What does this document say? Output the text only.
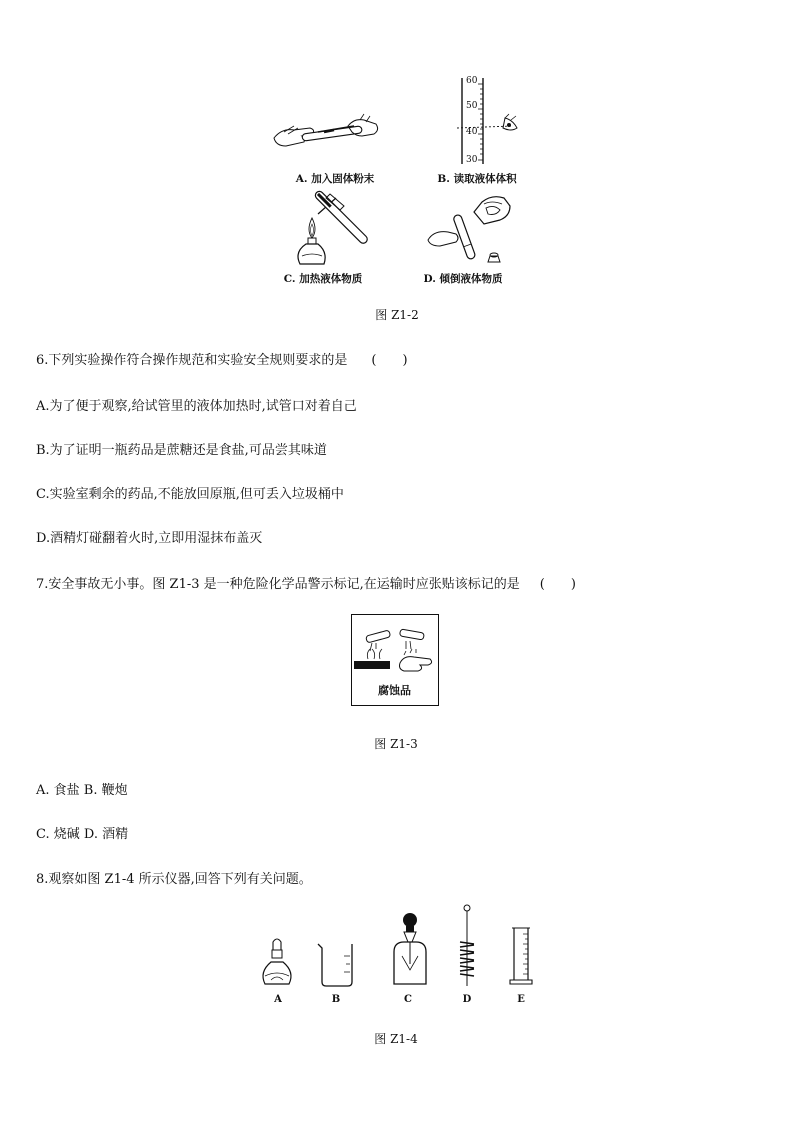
A. 加入固体粉末
60
50
40
30
B. 读取液体体积
C. 加热液体物质	D. 倾倒液体物质
图 Z1-2
6.下列实验操作符合操作规范和实验安全规则要求的是 (　　)
A.为了便于观察,给试管里的液体加热时,试管口对着自己
B.为了证明一瓶药品是蔗糖还是食盐,可品尝其味道
C.实验室剩余的药品,不能放回原瓶,但可丢入垃圾桶中
D.酒精灯碰翻着火时,立即用湿抹布盖灭
7.安全事故无小事。图 Z1-3 是一种危险化学品警示标记,在运输时应张贴该标记的是 (　　)
腐蚀品
图 Z1-3
A. 食盐 B. 鞭炮
C. 烧碱 D. 酒精
8.观察如图 Z1-4 所示仪器,回答下列有关问题。
A	B	C	D	E
图 Z1-4
